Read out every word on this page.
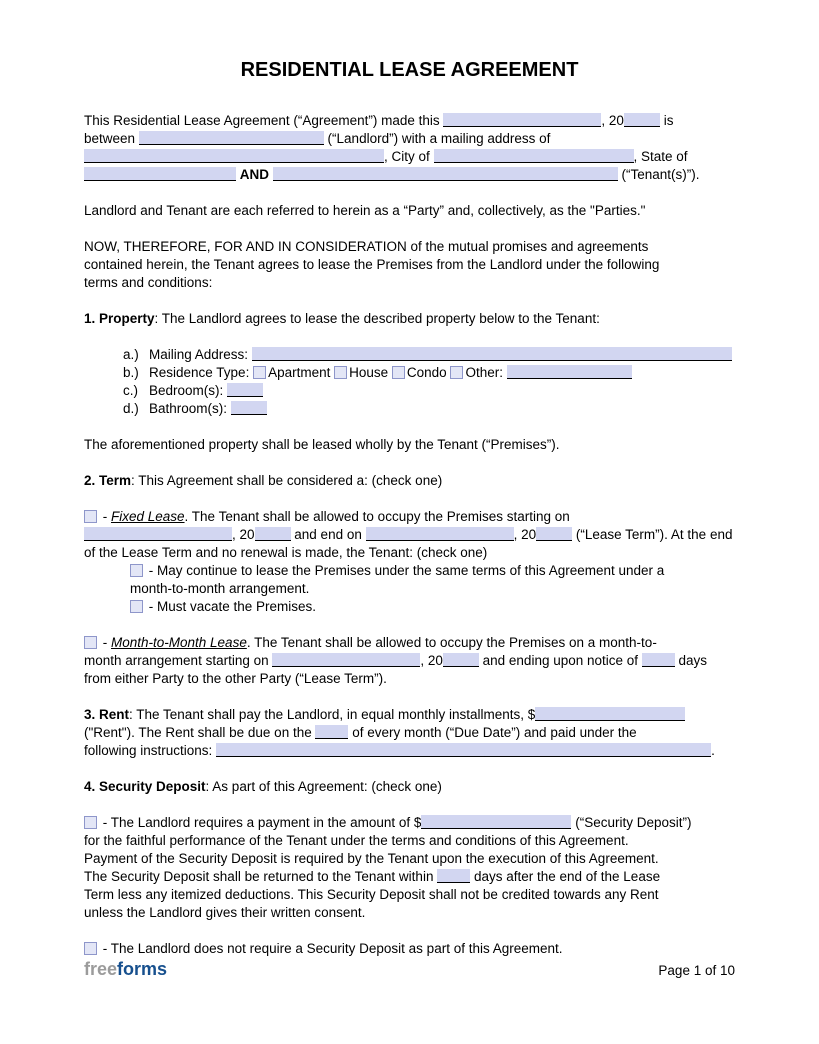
RESIDENTIAL LEASE AGREEMENT
This Residential Lease Agreement (“Agreement”) made this	, 20	is
between	(“Landlord”) with a mailing address of
, City of	, State of
AND	(“Tenant(s)”).
Landlord and Tenant are each referred to herein as a “Party” and, collectively, as the "Parties."
NOW, THEREFORE, FOR AND IN CONSIDERATION of the mutual promises and agreements
contained herein, the Tenant agrees to lease the Premises from the Landlord under the following
terms and conditions:
1. Property: The Landlord agrees to lease the described property below to the Tenant:
a.) Mailing Address:
b.) Residence Type: Apartment House Condo Other:
c.) Bedroom(s):
d.) Bathroom(s):
The aforementioned property shall be leased wholly by the Tenant (“Premises”).
2. Term: This Agreement shall be considered a: (check one)
- Fixed Lease. The Tenant shall be allowed to occupy the Premises starting on
, 20	and end on	, 20	(“Lease Term”). At the end
of the Lease Term and no renewal is made, the Tenant: (check one)
- May continue to lease the Premises under the same terms of this Agreement under a
month-to-month arrangement.
- Must vacate the Premises.
- Month-to-Month Lease. The Tenant shall be allowed to occupy the Premises on a month-to-
month arrangement starting on	, 20	and ending upon notice of  days
from either Party to the other Party (“Lease Term”).
3. Rent: The Tenant shall pay the Landlord, in equal monthly installments, $
("Rent"). The Rent shall be due on the  of every month (“Due Date”) and paid under the
following instructions:	.
4. Security Deposit: As part of this Agreement: (check one)
- The Landlord requires a payment in the amount of $	(“Security Deposit”)
for the faithful performance of the Tenant under the terms and conditions of this Agreement.
Payment of the Security Deposit is required by the Tenant upon the execution of this Agreement.
The Security Deposit shall be returned to the Tenant within  days after the end of the Lease
Term less any itemized deductions. This Security Deposit shall not be credited towards any Rent
unless the Landlord gives their written consent.
- The Landlord does not require a Security Deposit as part of this Agreement.
freeforms	Page 1 of 10
